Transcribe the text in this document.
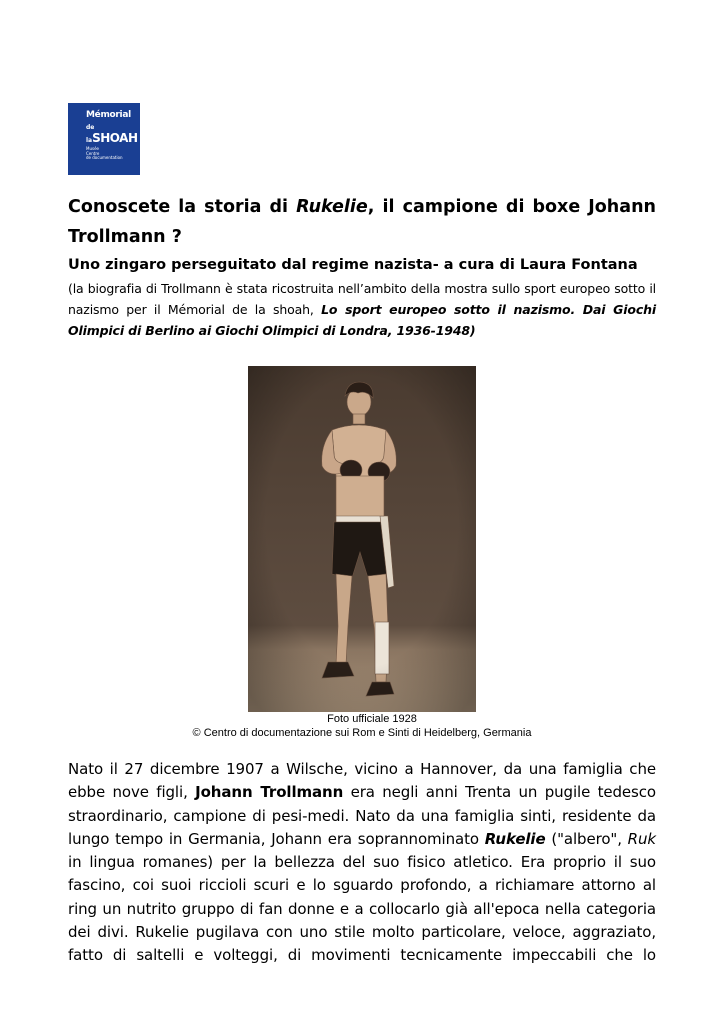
Mémorial
de laSHOAH
Musée
Centre
de documentation
Conoscete la storia di Rukelie, il campione di boxe Johann Trollmann ?
Uno zingaro perseguitato dal regime nazista- a cura di Laura Fontana

(la biografia di Trollmann è stata ricostruita nell’ambito della mostra sullo sport europeo sotto il nazismo per il Mémorial de la shoah, Lo sport europeo sotto il nazismo. Dai Giochi Olimpici di Berlino ai Giochi Olimpici di Londra, 1936-1948)

Foto ufficiale 1928
© Centro di documentazione sui Rom e Sinti di Heidelberg, Germania

Nato il 27 dicembre 1907 a Wilsche, vicino a Hannover, da una famiglia che ebbe nove figli, Johann Trollmann era negli anni Trenta un pugile tedesco straordinario, campione di pesi-medi. Nato da una famiglia sinti, residente da lungo tempo in Germania, Johann era soprannominato Rukelie ("albero", Ruk in lingua romanes) per la bellezza del suo fisico atletico. Era proprio il suo fascino, coi suoi riccioli scuri e lo sguardo profondo, a richiamare attorno al ring un nutrito gruppo di fan donne e a collocarlo già all'epoca nella categoria dei divi. Rukelie pugilava con uno stile molto particolare, veloce, aggraziato, fatto di saltelli e volteggi, di movimenti tecnicamente impeccabili che lo
